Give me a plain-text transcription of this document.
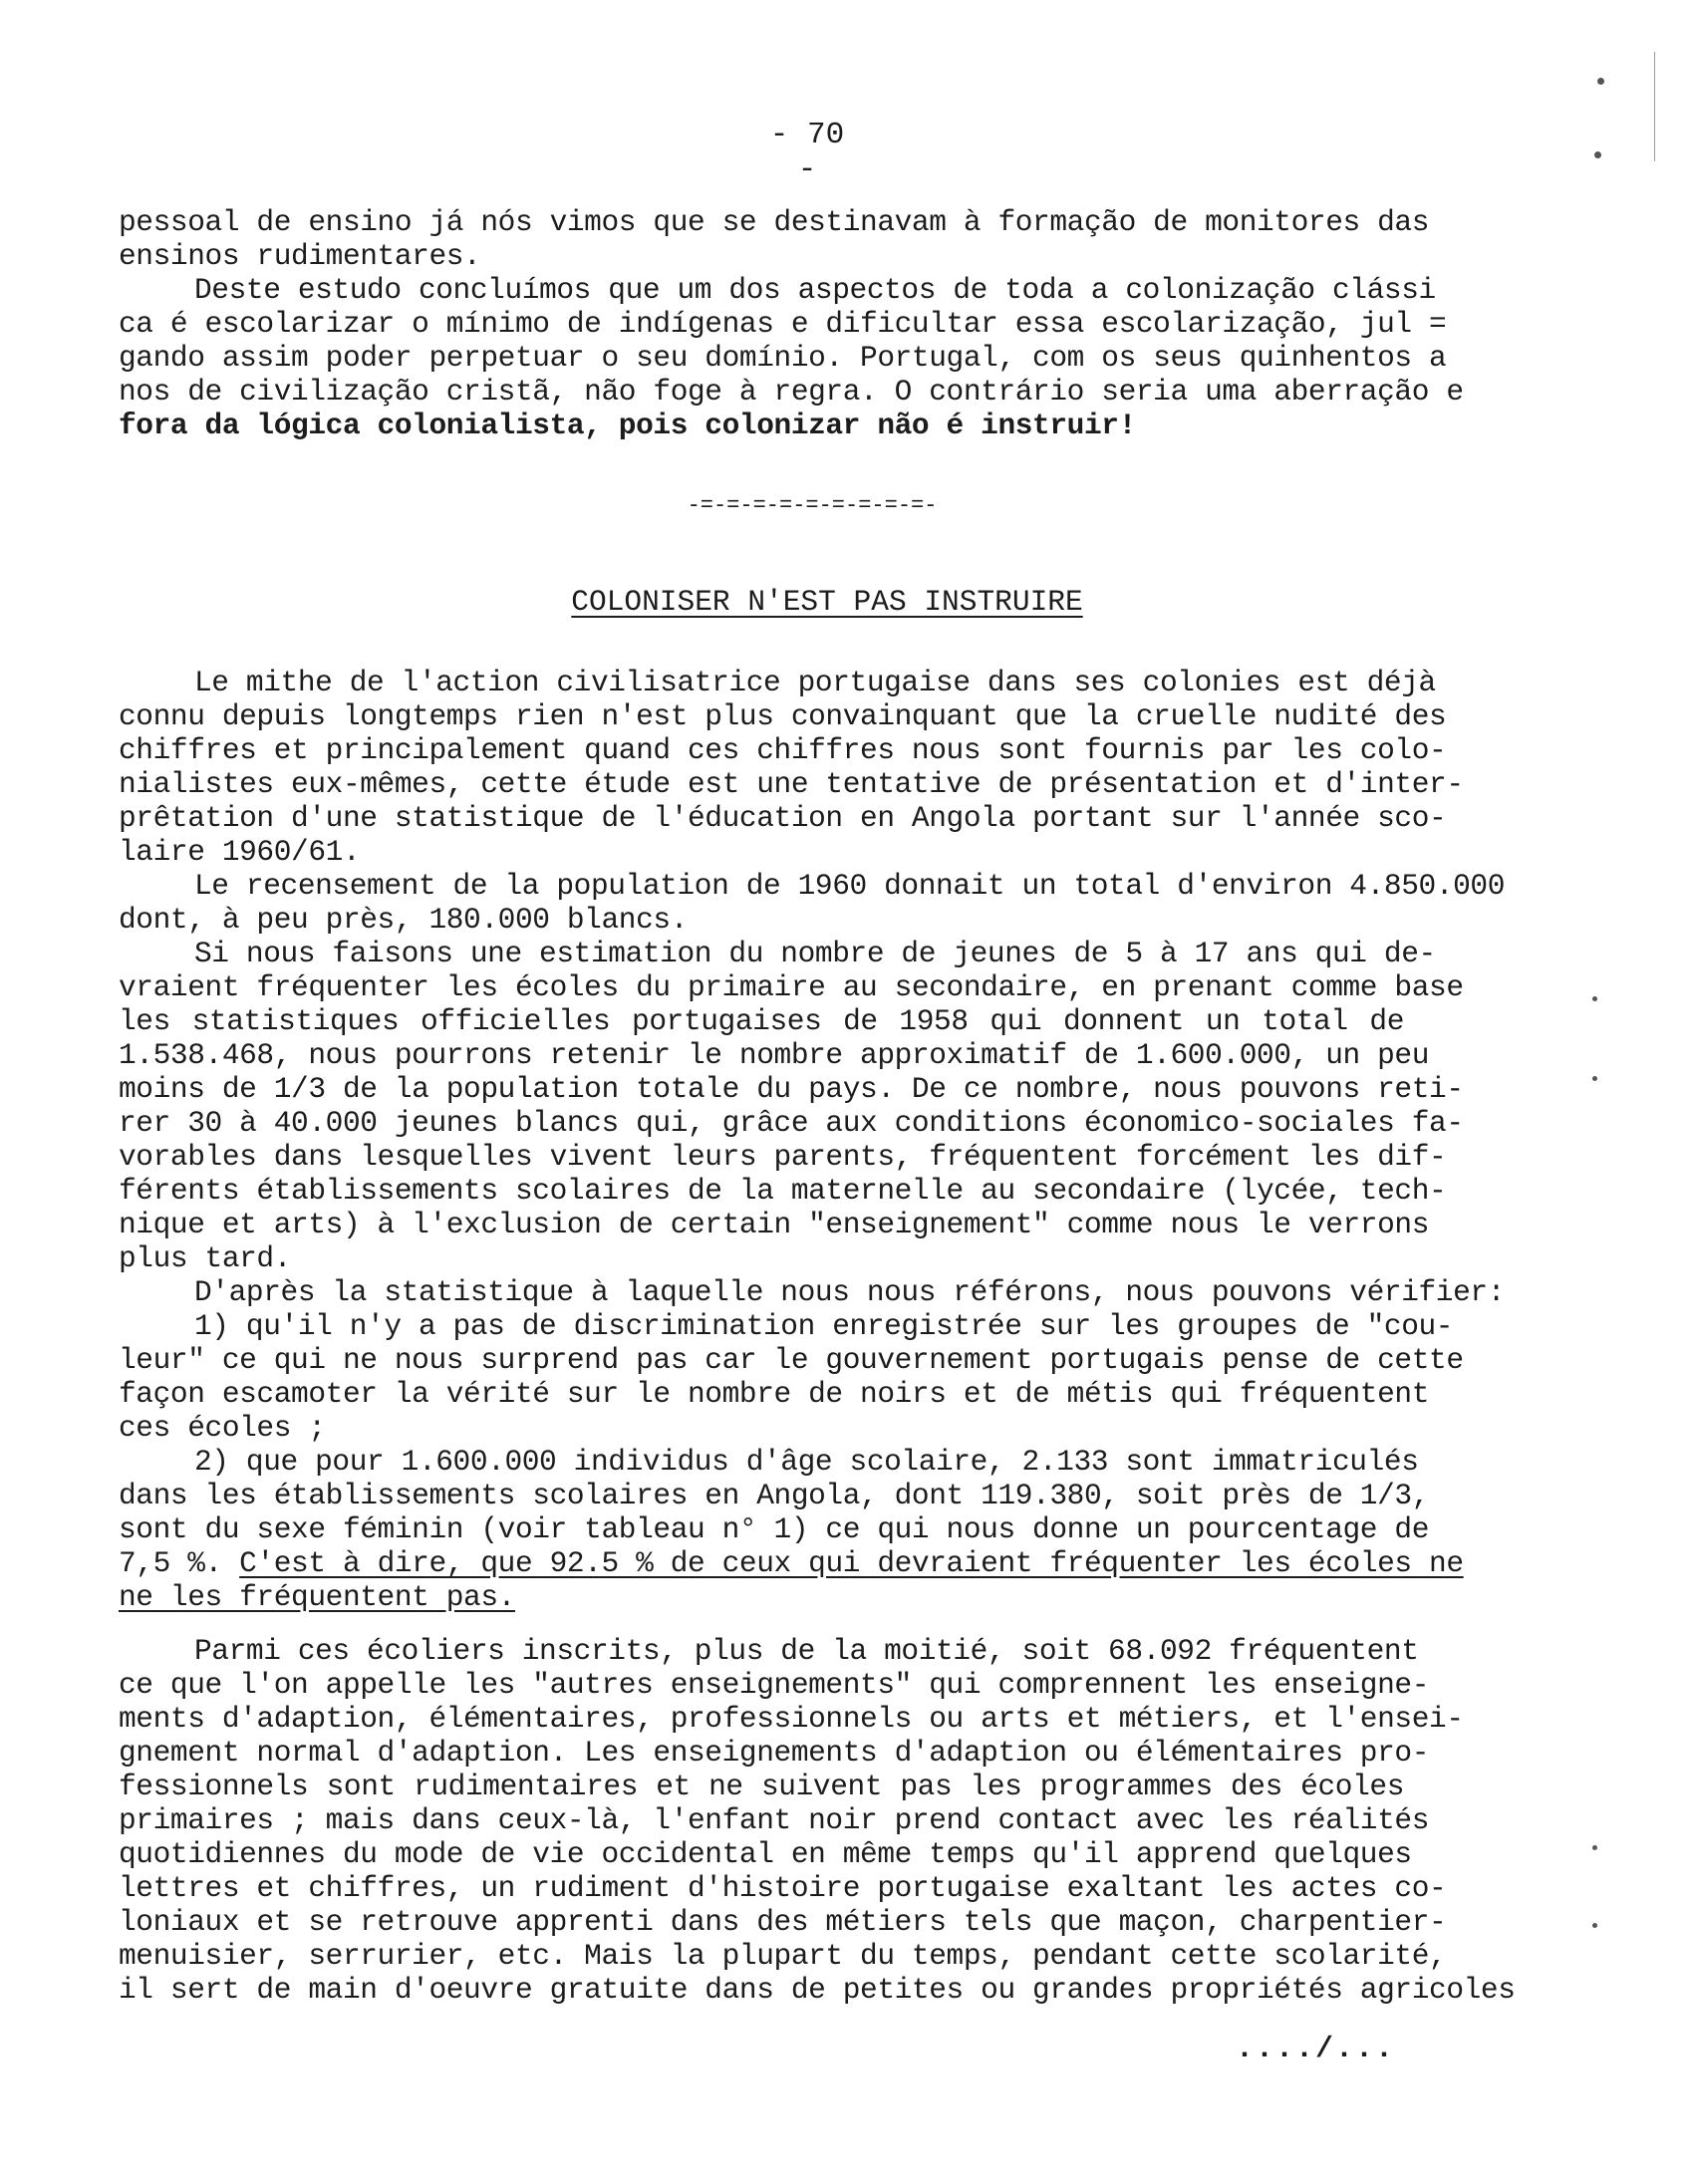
- 70 -
pessoal de ensino já nós vimos que se destinavam à formação de monitores das
ensinos rudimentares.
Deste estudo concluímos que um dos aspectos de toda a colonização clássi
ca é escolarizar o mínimo de indígenas e dificultar essa escolarização, jul =
gando assim poder perpetuar o seu domínio. Portugal, com os seus quinhentos a
nos de civilização cristã, não foge à regra. O contrário seria uma aberração e
fora da lógica colonialista, pois colonizar não é instruir!
-=-=-=-=-=-=-=-=-=-
COLONISER N'EST PAS INSTRUIRE
Le mithe de l'action civilisatrice portugaise dans ses colonies est déjà
connu depuis longtemps rien n'est plus convainquant que la cruelle nudité des
chiffres et principalement quand ces chiffres nous sont fournis par les colo-
nialistes eux-mêmes, cette étude est une tentative de présentation et d'inter-
prêtation d'une statistique de l'éducation en Angola portant sur l'année sco-
laire 1960/61.
Le recensement de la population de 1960 donnait un total d'environ 4.850.000
dont, à peu près, 180.000 blancs.
Si nous faisons une estimation du nombre de jeunes de 5 à 17 ans qui de-
vraient fréquenter les écoles du primaire au secondaire, en prenant comme base
les statistiques officielles portugaises de 1958 qui donnent un total de
1.538.468, nous pourrons retenir le nombre approximatif de 1.600.000, un peu
moins de 1/3 de la population totale du pays. De ce nombre, nous pouvons reti-
rer 30 à 40.000 jeunes blancs qui, grâce aux conditions économico-sociales fa-
vorables dans lesquelles vivent leurs parents, fréquentent forcément les dif-
férents établissements scolaires de la maternelle au secondaire (lycée, tech-
nique et arts) à l'exclusion de certain "enseignement" comme nous le verrons
plus tard.
D'après la statistique à laquelle nous nous référons, nous pouvons vérifier:
1) qu'il n'y a pas de discrimination enregistrée sur les groupes de "cou-
leur" ce qui ne nous surprend pas car le gouvernement portugais pense de cette
façon escamoter la vérité sur le nombre de noirs et de métis qui fréquentent
ces écoles ;
2) que pour 1.600.000 individus d'âge scolaire, 2.133 sont immatriculés
dans les établissements scolaires en Angola, dont 119.380, soit près de 1/3,
sont du sexe féminin (voir tableau n° 1) ce qui nous donne un pourcentage de
7,5 %. C'est à dire, que 92.5 % de ceux qui devraient fréquenter les écoles ne
ne les fréquentent pas.
Parmi ces écoliers inscrits, plus de la moitié, soit 68.092 fréquentent
ce que l'on appelle les "autres enseignements" qui comprennent les enseigne-
ments d'adaption, élémentaires, professionnels ou arts et métiers, et l'ensei-
gnement normal d'adaption. Les enseignements d'adaption ou élémentaires pro-
fessionnels sont rudimentaires et ne suivent pas les programmes des écoles
primaires ; mais dans ceux-là, l'enfant noir prend contact avec les réalités
quotidiennes du mode de vie occidental en même temps qu'il apprend quelques
lettres et chiffres, un rudiment d'histoire portugaise exaltant les actes co-
loniaux et se retrouve apprenti dans des métiers tels que maçon, charpentier-
menuisier, serrurier, etc. Mais la plupart du temps, pendant cette scolarité,
il sert de main d'oeuvre gratuite dans de petites ou grandes propriétés agricoles
..../...
